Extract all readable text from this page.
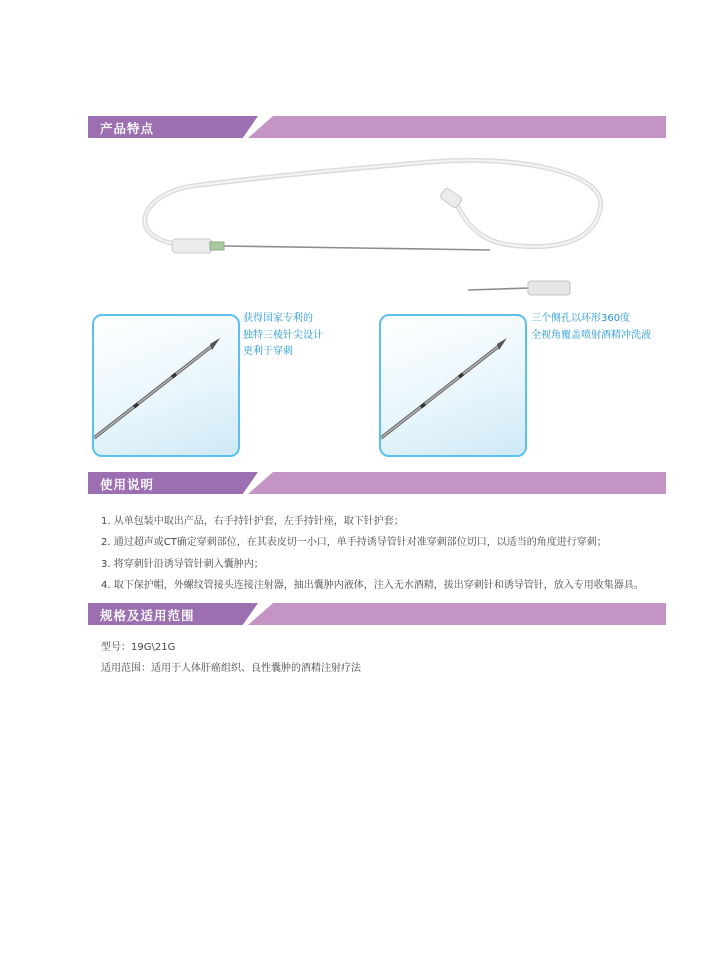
产品特点
获得国家专利的
独特三棱针尖设计
更利于穿刺
三个侧孔以环形360度
全视角覆盖喷射酒精冲洗液
使用说明
1. 从单包装中取出产品，右手持针护套，左手持针座，取下针护套；
2. 通过超声或CT确定穿刺部位，在其表皮切一小口，单手持诱导管针对准穿刺部位切口，以适当的角度进行穿刺；
3. 将穿刺针沿诱导管针刺入囊肿内；
4. 取下保护帽，外螺纹管接头连接注射器，抽出囊肿内液体，注入无水酒精，拔出穿刺针和诱导管针，放入专用收集器具。
规格及适用范围
型号：19G\21G
适用范围：适用于人体肝癌组织、良性囊肿的酒精注射疗法
